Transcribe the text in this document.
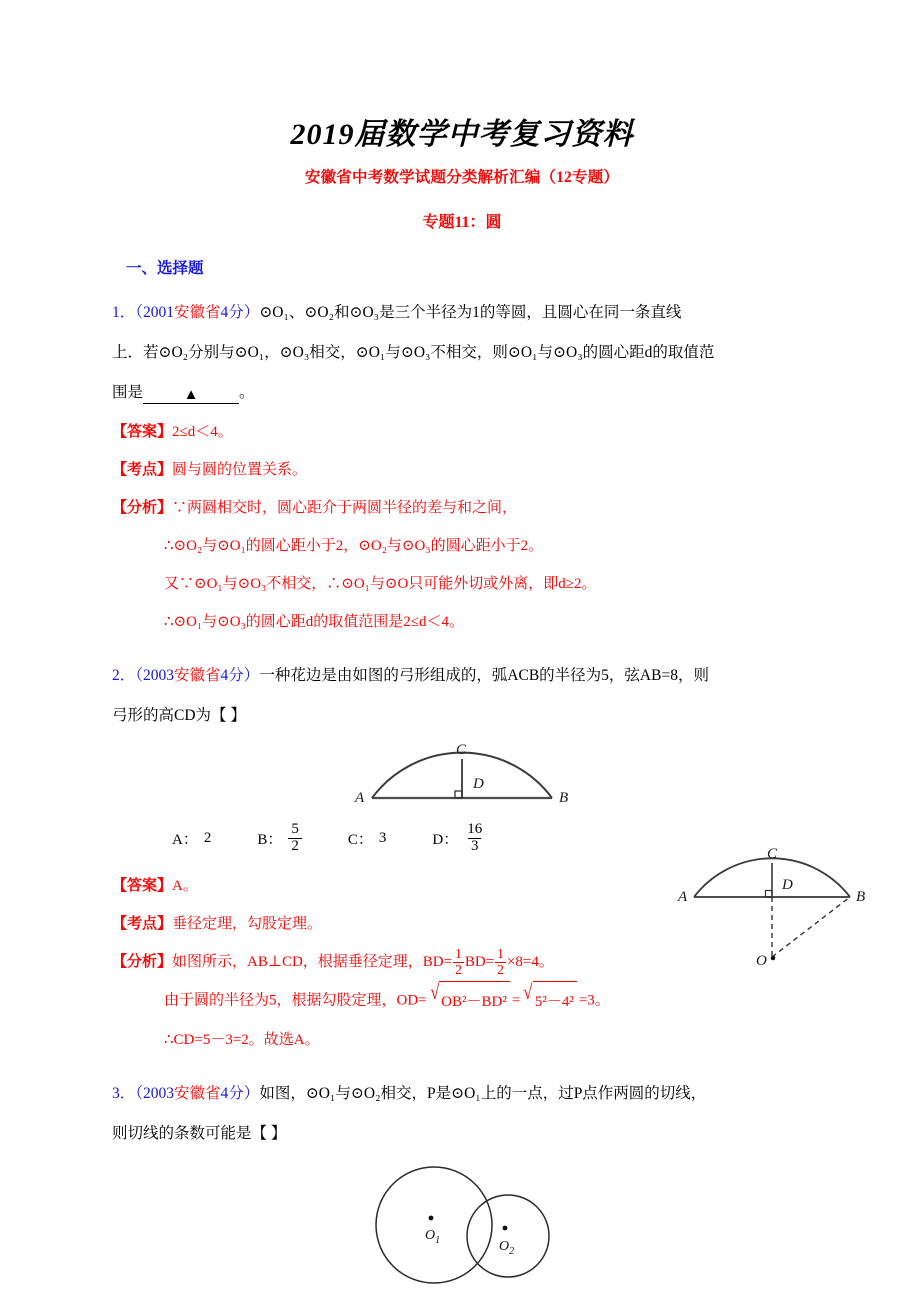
2019届数学中考复习资料
安徽省中考数学试题分类解析汇编（12专题）
专题11：圆
一、选择题
1．（2001安徽省4分）⊙O₁、⊙O₂和⊙O₃是三个半径为1的等圆，且圆心在同一条直线
上．若⊙O₂分别与⊙O₁，⊙O₃相交，⊙O₁与⊙O₃不相交，则⊙O₁与⊙O₃的圆心距d的取值范
围是	▲	。
【答案】2≤d＜4。
【考点】圆与圆的位置关系。
【分析】∵两圆相交时，圆心距介于两圆半径的差与和之间，
∴⊙O₂与⊙O₁的圆心距小于2，⊙O₂与⊙O₃的圆心距小于2。
又∵⊙O₁与⊙O₃不相交，∴⊙O₁与⊙O只可能外切或外离，即d≥2。
∴⊙O₁与⊙O₃的圆心距d的取值范围是2≤d＜4。
2．（2003安徽省4分）一种花边是由如图的弓形组成的，弧ACB的半径为5，弦AB=8，则
弓形的高CD为【 】
A	B
C
D
A： 2	B： $\frac{5}{2}$	C： 3	D： $\frac{16}{3}$
【答案】A。
【考点】垂径定理，勾股定理。
【分析】如图所示，AB⊥CD，根据垂径定理，$BD= \frac{1}{2} BD= \frac{1}{2} \times 8=4$。
由于圆的半径为5，根据勾股定理，OD= √ OB²－BD² = √ 5²－4² =3。
∴CD=5－3=2。故选A。
3．（2003安徽省4分）如图，⊙O₁与⊙O₂相交，P是⊙O₁上的一点，过P点作两圆的切线，
则切线的条数可能是【 】
$O_1$	$O_2$
A	B
C
D
O
